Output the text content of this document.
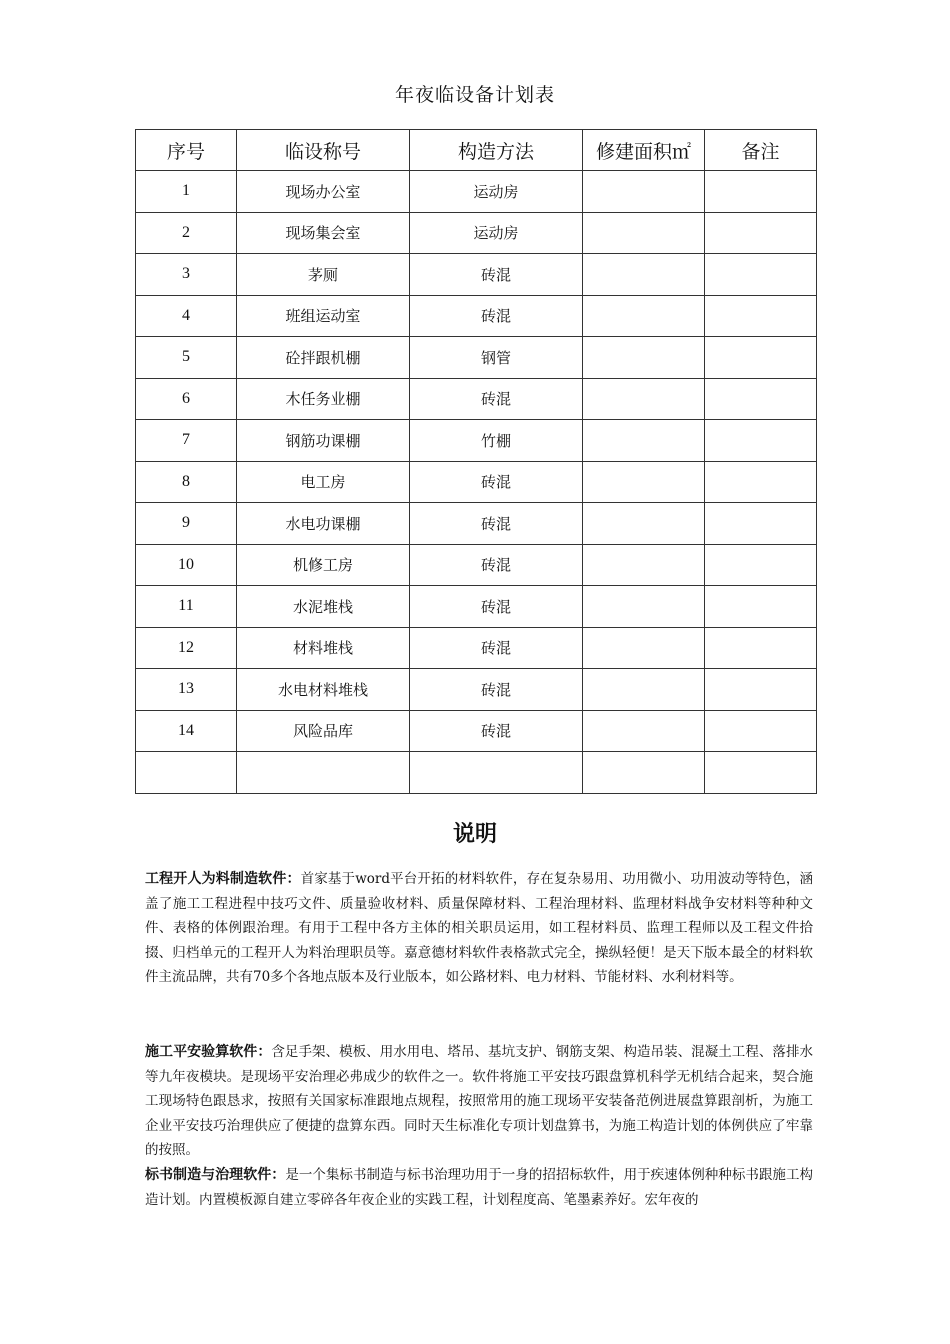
年夜临设备计划表
序号	临设称号	构造方法	修建面积㎡	备注
1	现场办公室	运动房		
2	现场集会室	运动房		
3	茅厕	砖混		
4	班组运动室	砖混		
5	砼拌跟机棚	钢管		
6	木任务业棚	砖混		
7	钢筋功课棚	竹棚		
8	电工房	砖混		
9	水电功课棚	砖混		
10	机修工房	砖混		
11	水泥堆栈	砖混		
12	材料堆栈	砖混		
13	水电材料堆栈	砖混		
14	风险品库	砖混		

说明
工程开人为料制造软件：首家基于word平台开拓的材料软件，存在复杂易用、功用微小、功用波动等特色，涵盖了施工工程进程中技巧文件、质量验收材料、质量保障材料、工程治理材料、监理材料战争安材料等种种文件、表格的体例跟治理。有用于工程中各方主体的相关职员运用，如工程材料员、监理工程师以及工程文件拾掇、归档单元的工程开人为料治理职员等。嘉意德材料软件表格款式完全，操纵轻便！是天下版本最全的材料软件主流品牌，共有70多个各地点版本及行业版本，如公路材料、电力材料、节能材料、水利材料等。
施工平安验算软件：含足手架、模板、用水用电、塔吊、基坑支护、钢筋支架、构造吊装、混凝土工程、落排水等九年夜模块。是现场平安治理必弗成少的软件之一。软件将施工平安技巧跟盘算机科学无机结合起来，契合施工现场特色跟恳求，按照有关国家标准跟地点规程，按照常用的施工现场平安装备范例进展盘算跟剖析，为施工企业平安技巧治理供应了便捷的盘算东西。同时天生标准化专项计划盘算书，为施工构造计划的体例供应了牢靠的按照。
标书制造与治理软件：是一个集标书制造与标书治理功用于一身的招招标软件，用于疾速体例种种标书跟施工构造计划。内置模板源自建立零碎各年夜企业的实践工程，计划程度高、笔墨素养好。宏年夜的
